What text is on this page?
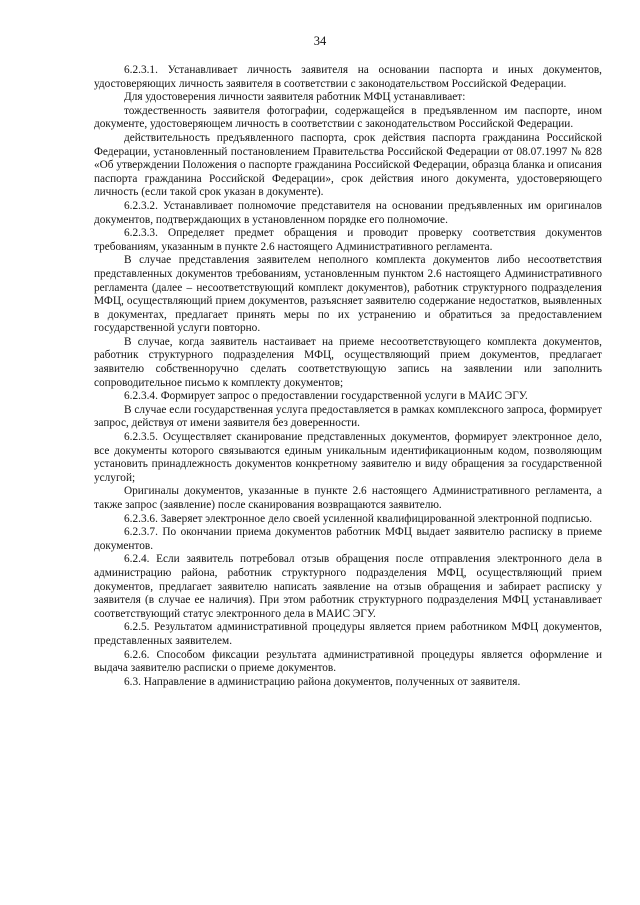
34

6.2.3.1. Устанавливает личность заявителя на основании паспорта и иных документов, удостоверяющих личность заявителя в соответствии с законодательством Российской Федерации.

Для удостоверения личности заявителя работник МФЦ устанавливает:

тождественность заявителя фотографии, содержащейся в предъявленном им паспорте, ином документе, удостоверяющем личность в соответствии с законодательством Российской Федерации.

действительность предъявленного паспорта, срок действия паспорта гражданина Российской Федерации, установленный постановлением Правительства Российской Федерации от 08.07.1997 № 828 «Об утверждении Положения о паспорте гражданина Российской Федерации, образца бланка и описания паспорта гражданина Российской Федерации», срок действия иного документа, удостоверяющего личность (если такой срок указан в документе).

6.2.3.2. Устанавливает полномочие представителя на основании предъявленных им оригиналов документов, подтверждающих в установленном порядке его полномочие.

6.2.3.3. Определяет предмет обращения и проводит проверку соответствия документов требованиям, указанным в пункте 2.6 настоящего Административного регламента.

В случае представления заявителем неполного комплекта документов либо несоответствия представленных документов требованиям, установленным пунктом 2.6 настоящего Административного регламента (далее – несоответствующий комплект документов), работник структурного подразделения МФЦ, осуществляющий прием документов, разъясняет заявителю содержание недостатков, выявленных в документах, предлагает принять меры по их устранению и обратиться за предоставлением государственной услуги повторно.

В случае, когда заявитель настаивает на приеме несоответствующего комплекта документов, работник структурного подразделения МФЦ, осуществляющий прием документов, предлагает заявителю собственноручно сделать соответствующую запись на заявлении или заполнить сопроводительное письмо к комплекту документов;

6.2.3.4. Формирует запрос о предоставлении государственной услуги в МАИС ЭГУ.

В случае если государственная услуга предоставляется в рамках комплексного запроса, формирует запрос, действуя от имени заявителя без доверенности.

6.2.3.5. Осуществляет сканирование представленных документов, формирует электронное дело, все документы которого связываются единым уникальным идентификационным кодом, позволяющим установить принадлежность документов конкретному заявителю и виду обращения за государственной услугой;

Оригиналы документов, указанные в пункте 2.6 настоящего Административного регламента, а также запрос (заявление) после сканирования возвращаются заявителю.

6.2.3.6. Заверяет электронное дело своей усиленной квалифицированной электронной подписью.

6.2.3.7. По окончании приема документов работник МФЦ выдает заявителю расписку в приеме документов.

6.2.4. Если заявитель потребовал отзыв обращения после отправления электронного дела в администрацию района, работник структурного подразделения МФЦ, осуществляющий прием документов, предлагает заявителю написать заявление на отзыв обращения и забирает расписку у заявителя (в случае ее наличия). При этом работник структурного подразделения МФЦ устанавливает соответствующий статус электронного дела в МАИС ЭГУ.

6.2.5. Результатом административной процедуры является прием работником МФЦ документов, представленных заявителем.

6.2.6. Способом фиксации результата административной процедуры является оформление и выдача заявителю расписки о приеме документов.

6.3. Направление в администрацию района документов, полученных от заявителя.
